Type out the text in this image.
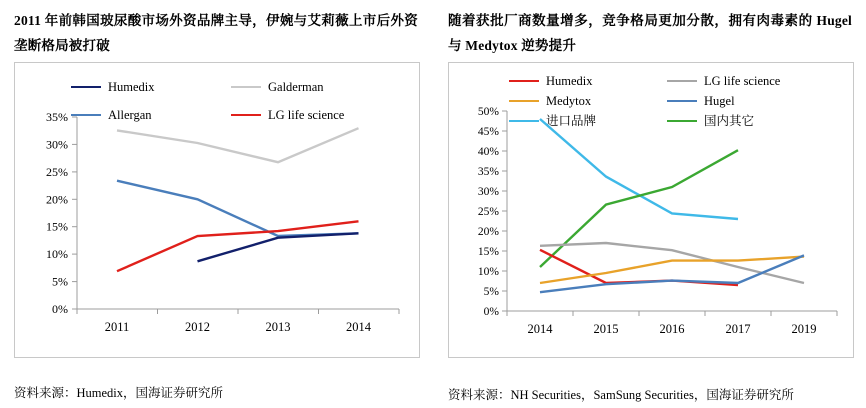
2011 年前韩国玻尿酸市场外资品牌主导，伊婉与艾莉薇上市后外资垄断格局被打破
Humedix	Galderman
Allergan	LG life science
0%
5%
10%
15%
20%
25%
30%
35%
2011	2012	2013	2014
资料来源：Humedix，国海证券研究所
随着获批厂商数量增多，竞争格局更加分散，拥有肉毒素的 Hugel 与 Medytox 逆势提升
Humedix	LG life science
Medytox	Hugel
进口品牌	国内其它
0%
5%
10%
15%
20%
25%
30%
35%
40%
45%
50%
2014	2015	2016	2017	2019
资料来源：NH Securities，SamSung Securities，国海证券研究所
